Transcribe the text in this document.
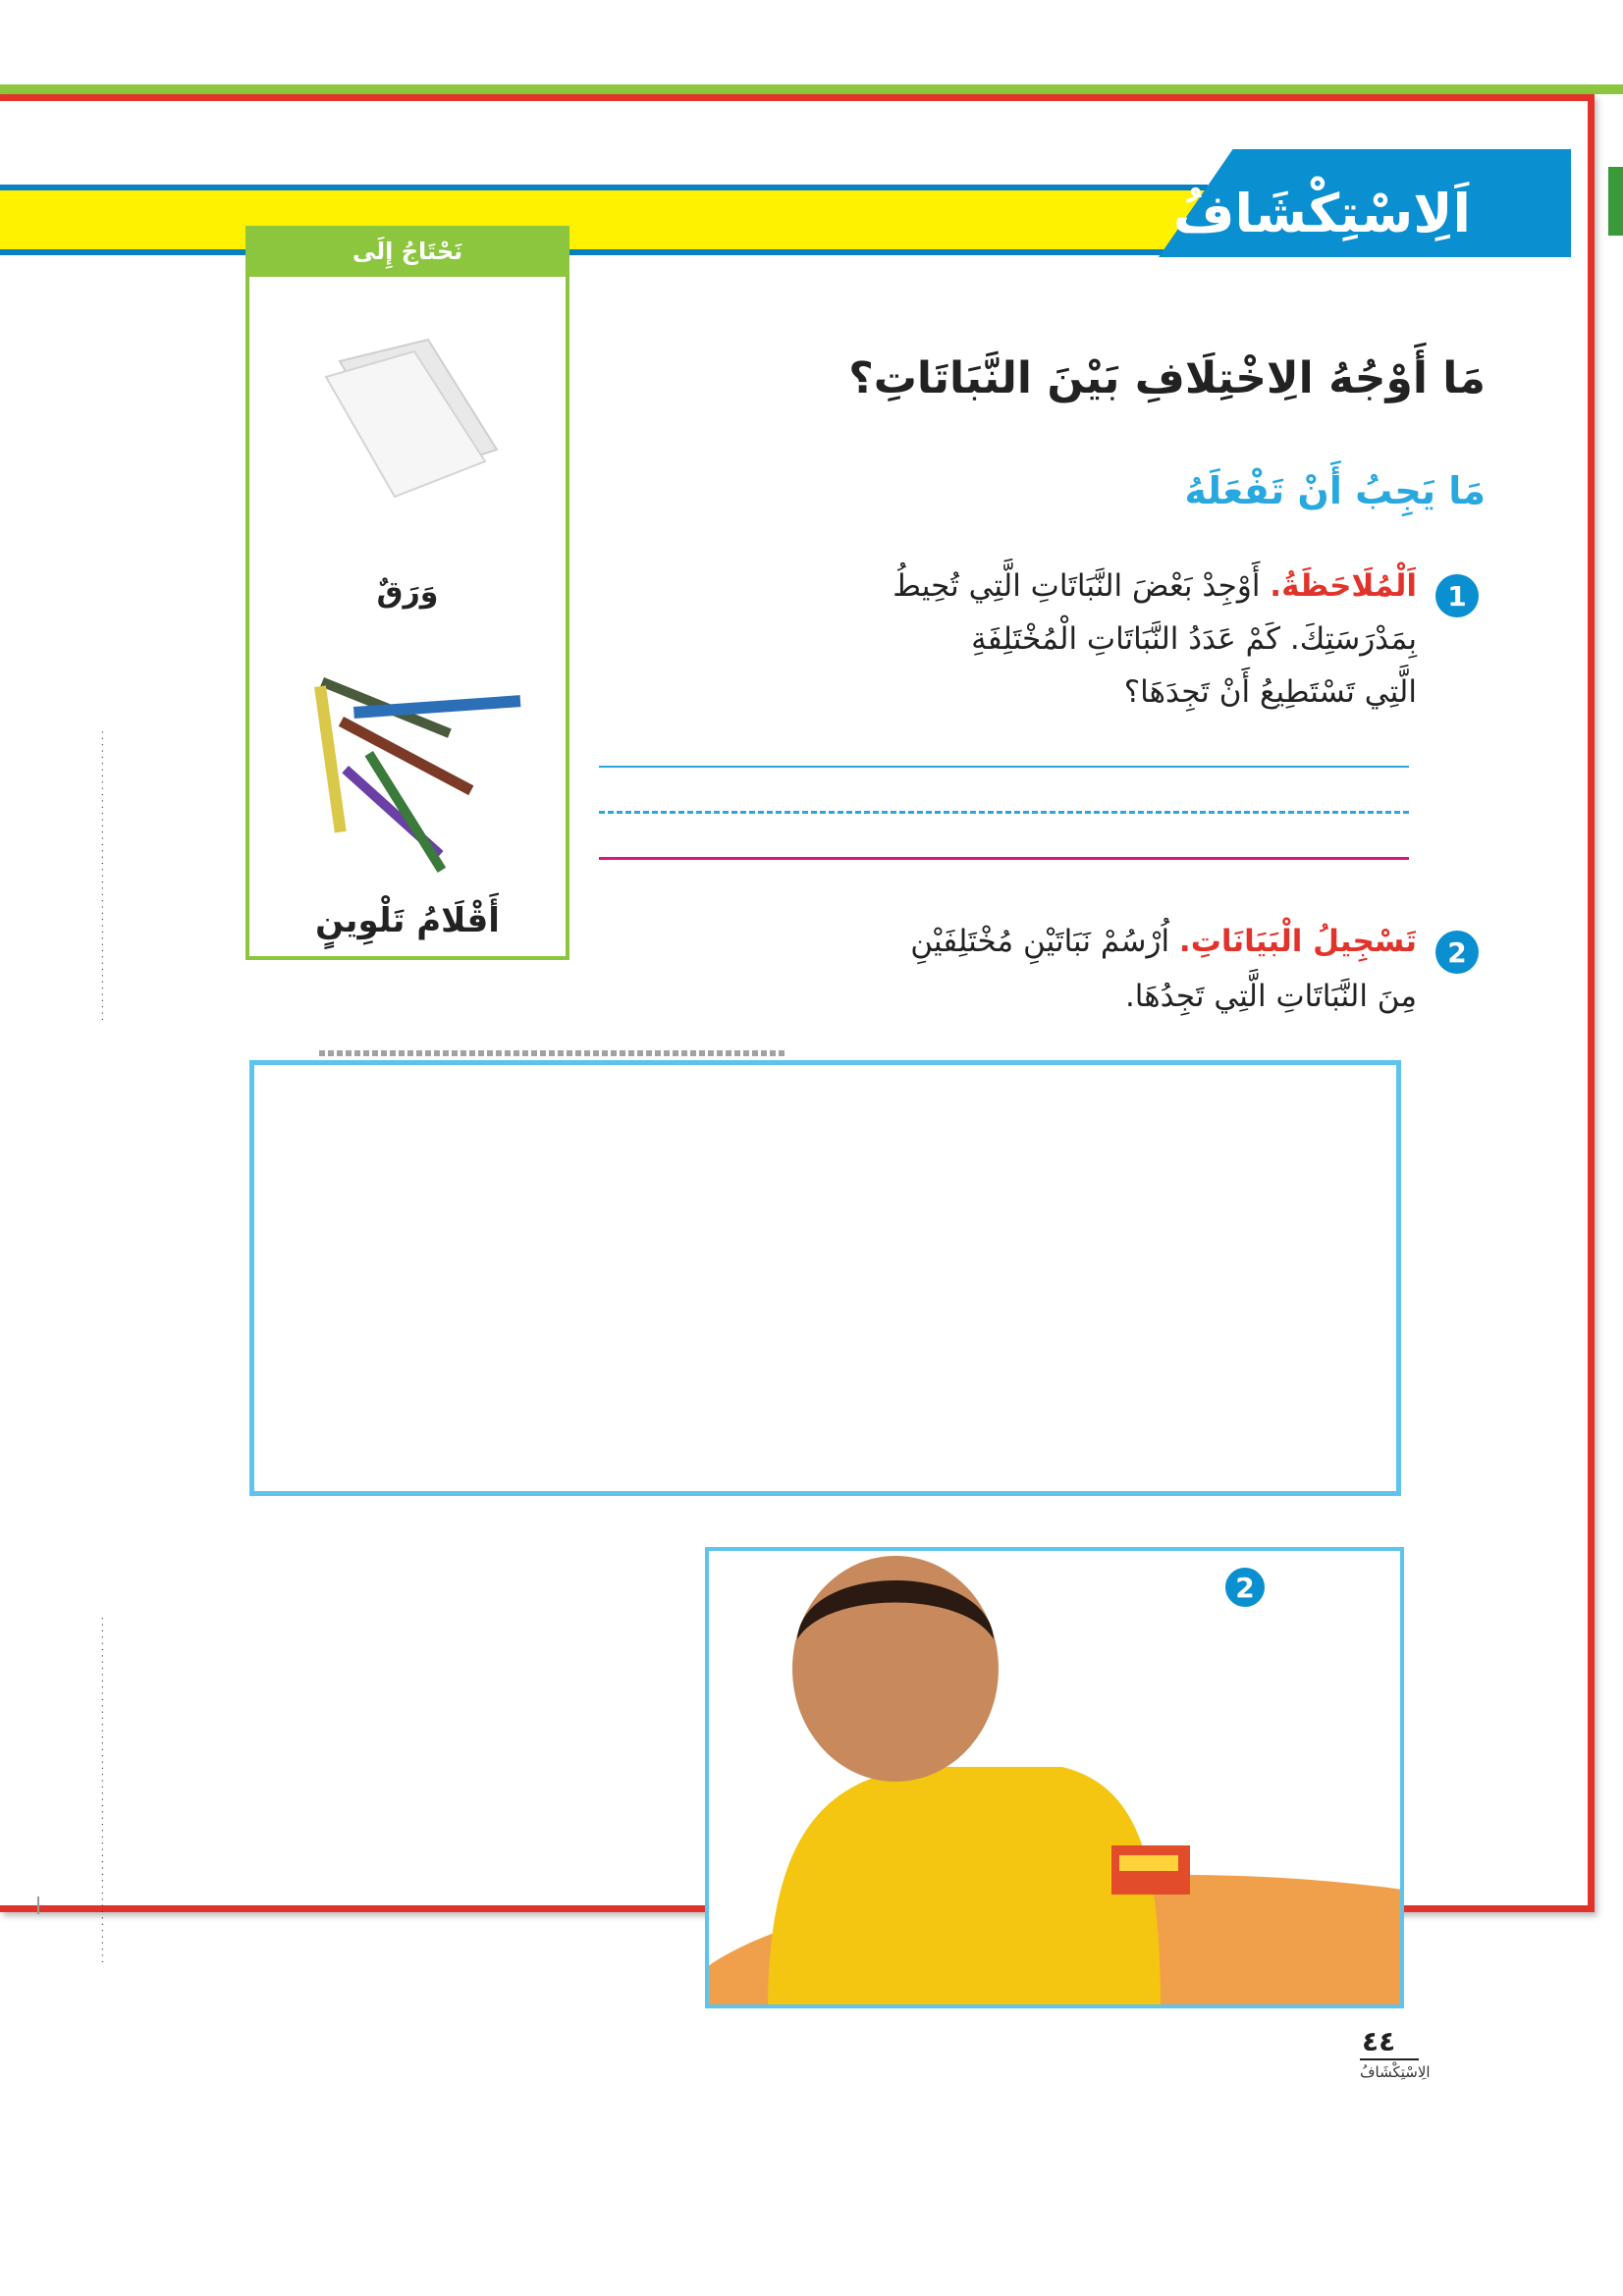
اَلِاسْتِكْشَافُ
· · · · · · · · · · · · · · · · · · · · · · · · · · · · · · · · · · · · · · · · · · · · · · ·
· · · · · · · · · · · · · · · · · · · · · · · · · · · · · · · · · · · · · · · · · · · · · · · · · · · · · · · ·
نَحْتَاجُ إِلَى
وَرَقٌ
أَقْلَامُ تَلْوِينٍ
مَا أَوْجُهُ الِاخْتِلَافِ بَيْنَ النَّبَاتَاتِ؟
مَا يَجِبُ أَنْ تَفْعَلَهُ
1
اَلْمُلَاحَظَةُ. أَوْجِدْ بَعْضَ النَّبَاتَاتِ الَّتِي تُحِيطُ
بِمَدْرَسَتِكَ. كَمْ عَدَدُ النَّبَاتَاتِ الْمُخْتَلِفَةِ
الَّتِي تَسْتَطِيعُ أَنْ تَجِدَهَا؟
2
تَسْجِيلُ الْبَيَانَاتِ. اُرْسُمْ نَبَاتَيْنِ مُخْتَلِفَيْنِ
مِنَ النَّبَاتَاتِ الَّتِي تَجِدُهَا.
2	الْخُطْوَةُ
٤٤
الِاسْتِكْشَافُ
